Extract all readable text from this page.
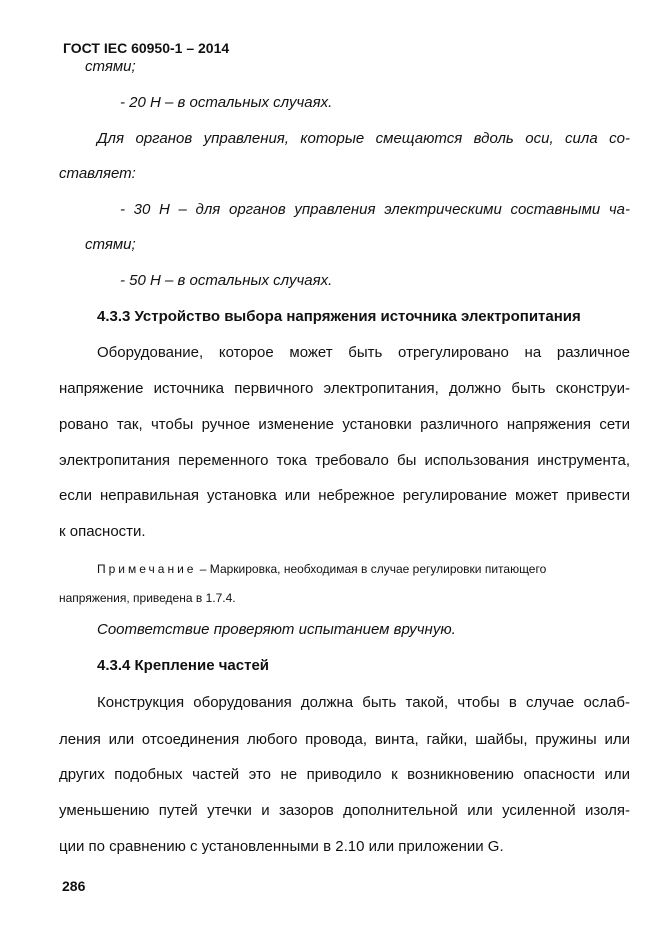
ГОСТ IEC 60950-1 – 2014
стями;
- 20 Н – в остальных случаях.
Для органов управления, которые смещаются вдоль оси, сила со-
ставляет:
- 30 Н – для органов управления электрическими составными ча-
стями;
- 50 Н – в остальных случаях.
4.3.3 Устройство выбора напряжения источника электропитания
Оборудование, которое может быть отрегулировано на различное
напряжение источника первичного электропитания, должно быть сконструи-
ровано так, чтобы ручное изменение установки различного напряжения сети
электропитания переменного тока требовало бы использования инструмента,
если неправильная установка или небрежное регулирование может привести
к опасности.
Примечание – Маркировка, необходимая в случае регулировки питающего
напряжения, приведена в 1.7.4.
Соответствие проверяют испытанием вручную.
4.3.4 Крепление частей
Конструкция оборудования должна быть такой, чтобы в случае ослаб-
ления или отсоединения любого провода, винта, гайки, шайбы, пружины или
других подобных частей это не приводило к возникновению опасности или
уменьшению путей утечки и зазоров дополнительной или усиленной изоля-
ции по сравнению с установленными в 2.10 или приложении G.
286
